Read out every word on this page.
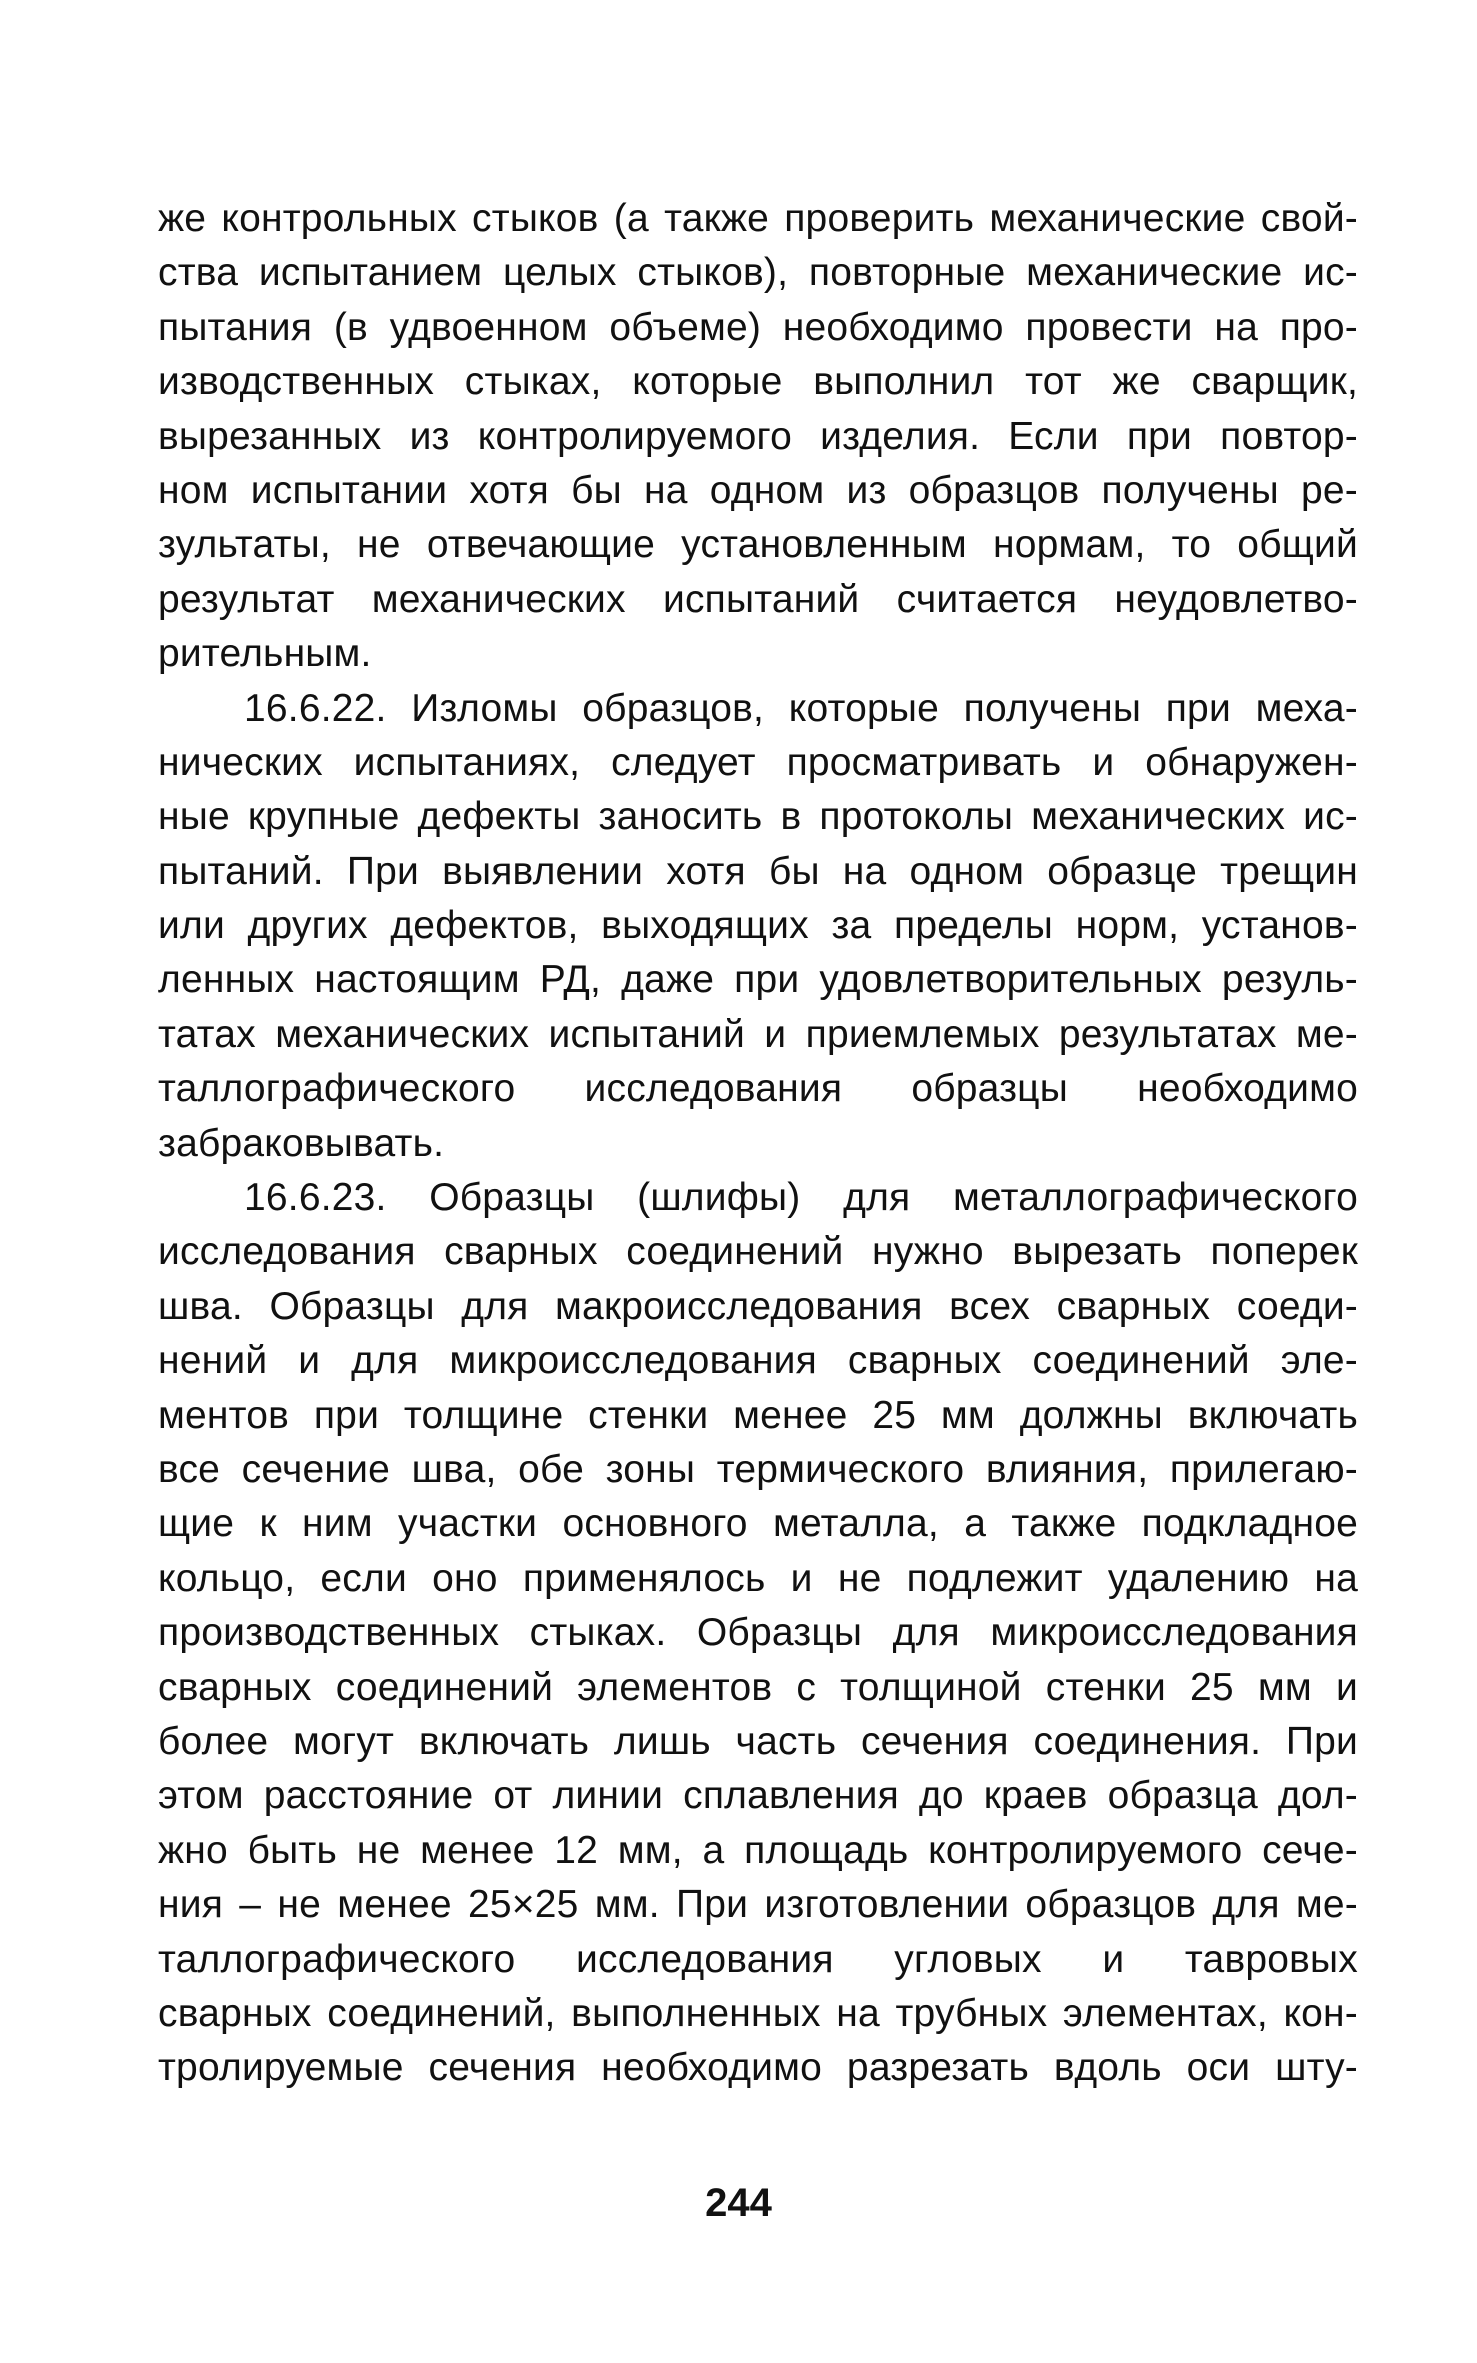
же контрольных стыков (а также проверить механические свой-
ства испытанием целых стыков), повторные механические ис-
пытания (в удвоенном объеме) необходимо провести на про-
изводственных стыках, которые выполнил тот же сварщик,
вырезанных из контролируемого изделия. Если при повтор-
ном испытании хотя бы на одном из образцов получены ре-
зультаты, не отвечающие установленным нормам, то общий
результат механических испытаний считается неудовлетво-
рительным.
16.6.22. Изломы образцов, которые получены при меха-
нических испытаниях, следует просматривать и обнаружен-
ные крупные дефекты заносить в протоколы механических ис-
пытаний. При выявлении хотя бы на одном образце трещин
или других дефектов, выходящих за пределы норм, установ-
ленных настоящим РД, даже при удовлетворительных резуль-
татах механических испытаний и приемлемых результатах ме-
таллографического исследования образцы необходимо
забраковывать.
16.6.23. Образцы (шлифы) для металлографического
исследования сварных соединений нужно вырезать поперек
шва. Образцы для макроисследования всех сварных соеди-
нений и для микроисследования сварных соединений эле-
ментов при толщине стенки менее 25 мм должны включать
все сечение шва, обе зоны термического влияния, прилегаю-
щие к ним участки основного металла, а также подкладное
кольцо, если оно применялось и не подлежит удалению на
производственных стыках. Образцы для микроисследования
сварных соединений элементов с толщиной стенки 25 мм и
более могут включать лишь часть сечения соединения. При
этом расстояние от линии сплавления до краев образца дол-
жно быть не менее 12 мм, а площадь контролируемого сече-
ния – не менее 25×25 мм. При изготовлении образцов для ме-
таллографического исследования угловых и тавровых
сварных соединений, выполненных на трубных элементах, кон-
тролируемые сечения необходимо разрезать вдоль оси шту-
244
